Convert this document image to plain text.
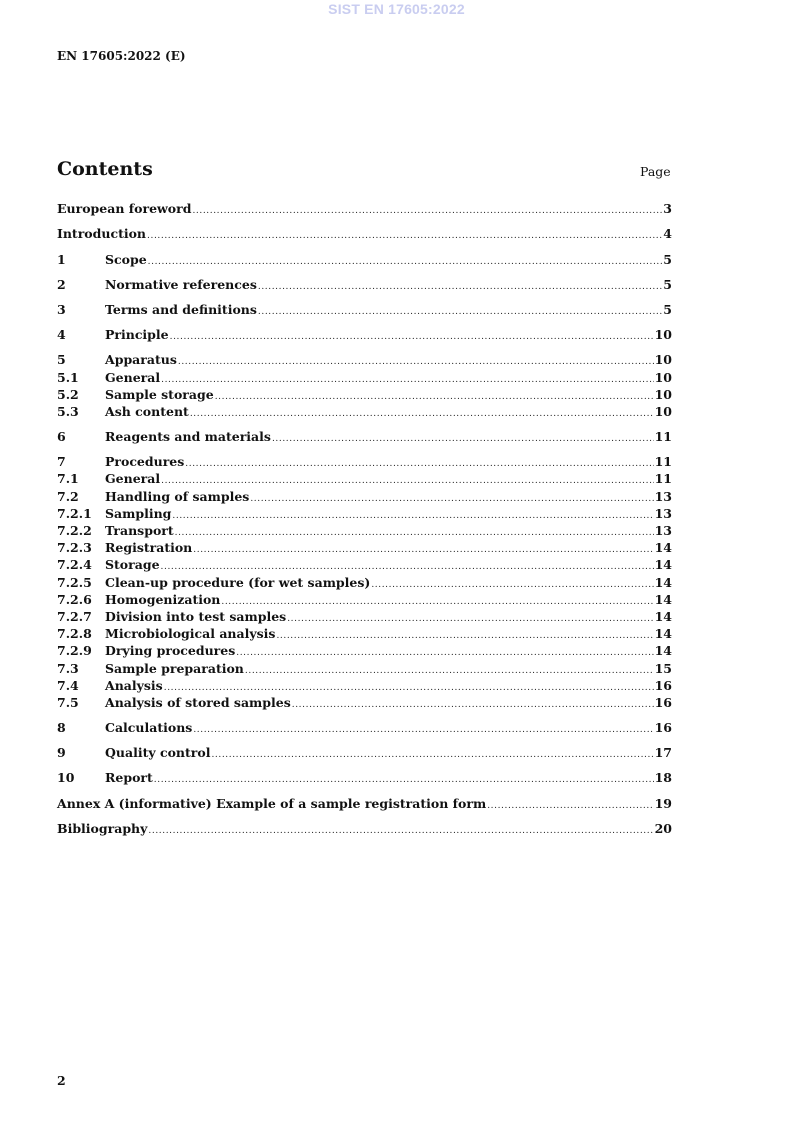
SIST EN 17605:2022
EN 17605:2022 (E)
Contents	Page
European foreword .....	3
Introduction .....	4
1	Scope .....	5
2	Normative references .....	5
3	Terms and definitions .....	5
4	Principle .....	10
5	Apparatus .....	10
5.1	General .....	10
5.2	Sample storage .....	10
5.3	Ash content .....	10
6	Reagents and materials .....	11
7	Procedures .....	11
7.1	General .....	11
7.2	Handling of samples .....	13
7.2.1	Sampling .....	13
7.2.2	Transport .....	13
7.2.3	Registration .....	14
7.2.4	Storage .....	14
7.2.5	Clean-up procedure (for wet samples) .....	14
7.2.6	Homogenization .....	14
7.2.7	Division into test samples .....	14
7.2.8	Microbiological analysis .....	14
7.2.9	Drying procedures .....	14
7.3	Sample preparation .....	15
7.4	Analysis .....	16
7.5	Analysis of stored samples .....	16
8	Calculations .....	16
9	Quality control .....	17
10	Report .....	18
Annex A (informative) Example of a sample registration form .....	19
Bibliography .....	20
2
